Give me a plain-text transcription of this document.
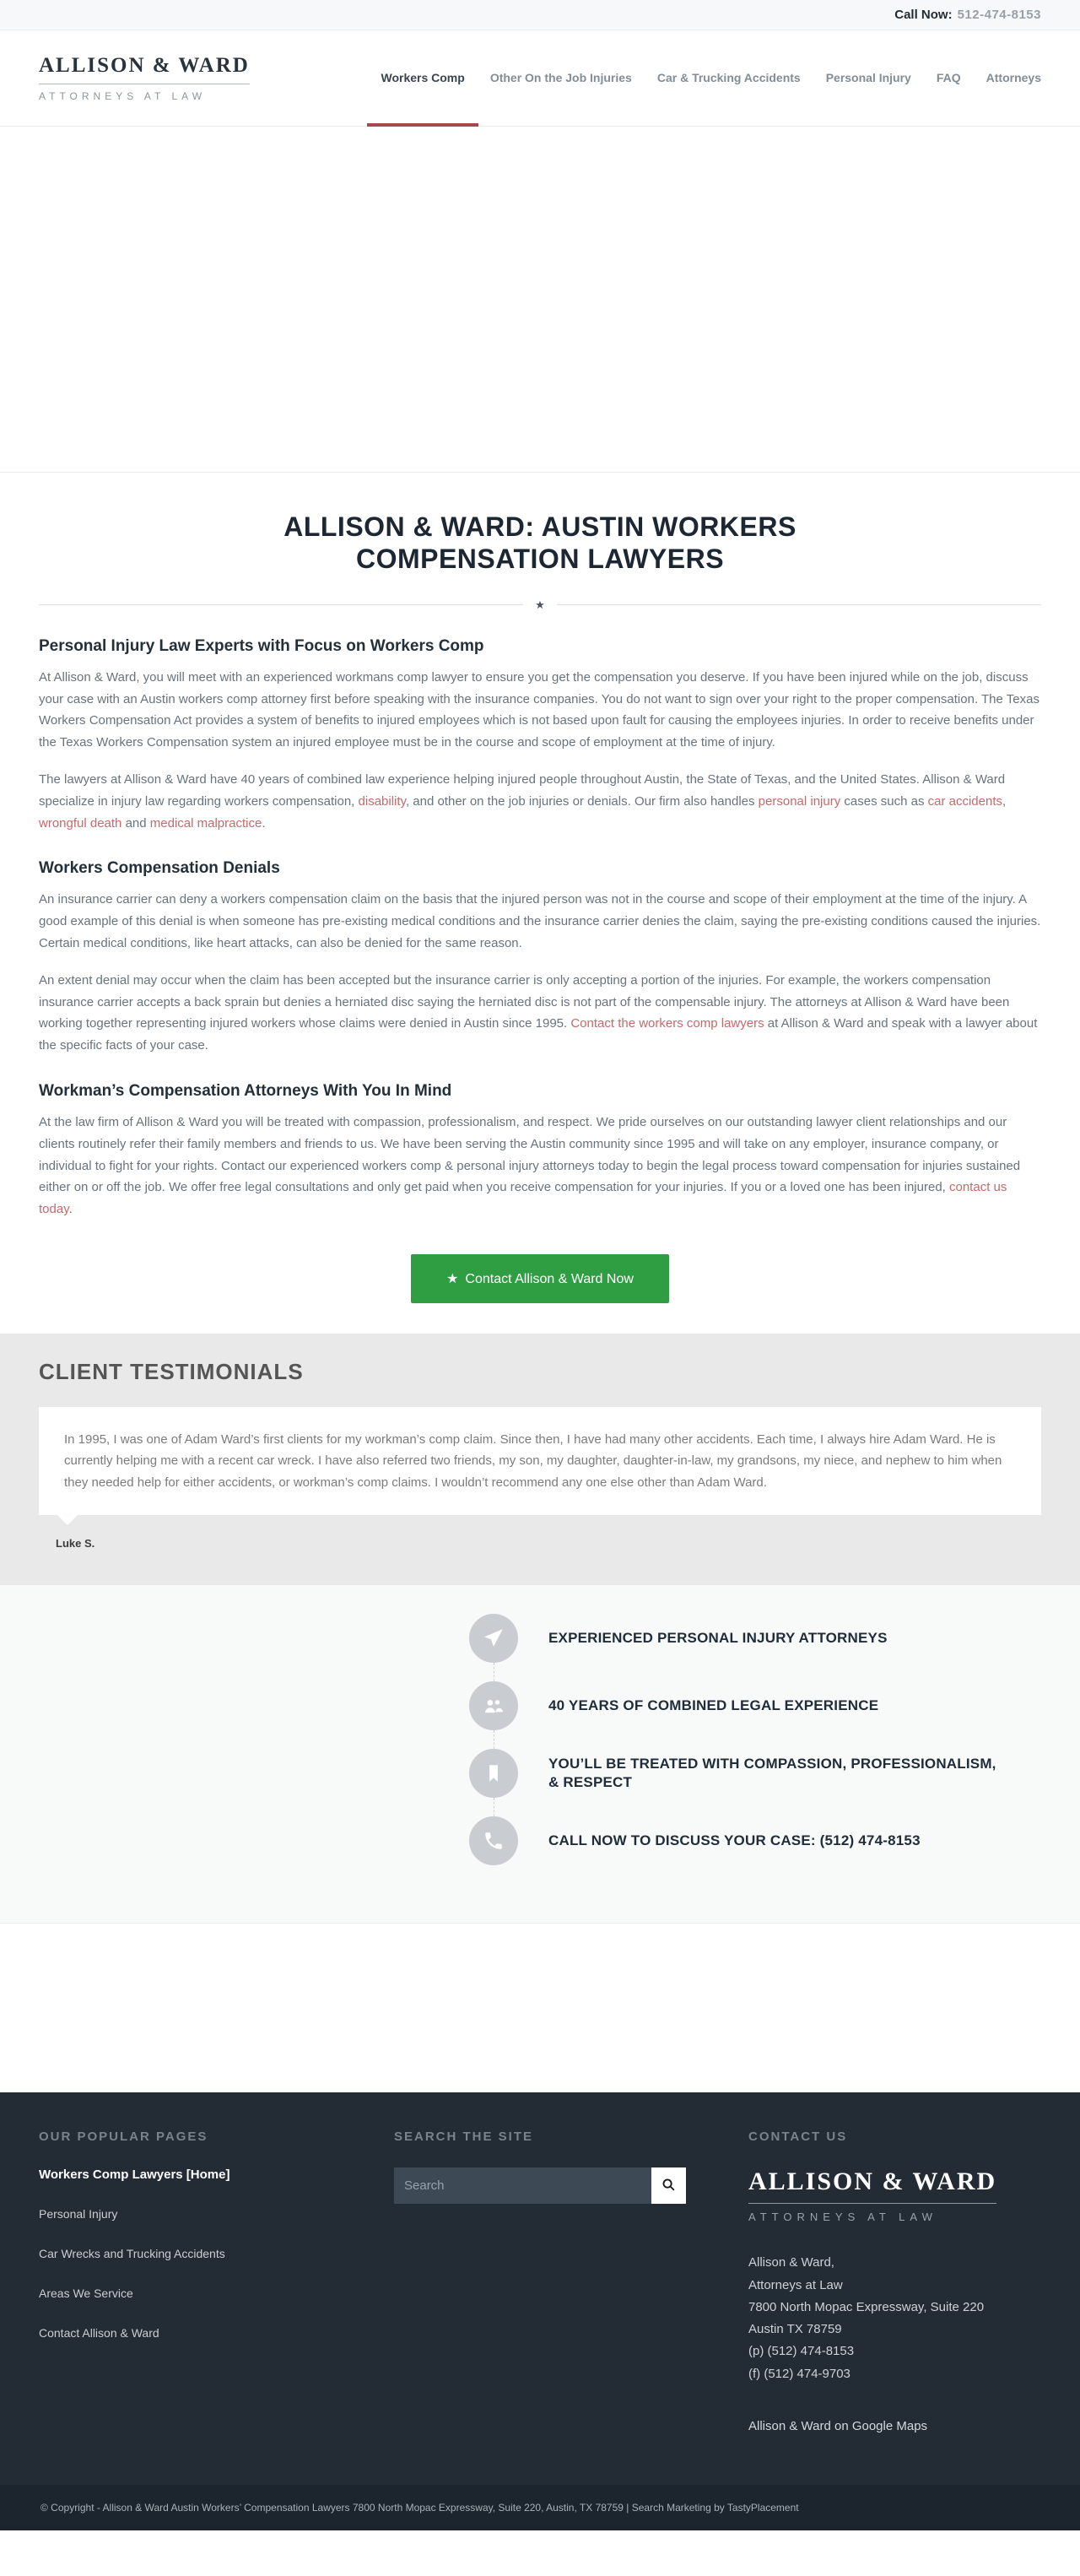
Call Now: 512-474-8153
ALLISON & WARD
ATTORNEYS AT LAW
Workers Comp Other On the Job Injuries Car & Trucking Accidents Personal Injury FAQ Attorneys
ALLISON & WARD: AUSTIN WORKERS COMPENSATION LAWYERS
★
Personal Injury Law Experts with Focus on Workers Comp

At Allison & Ward, you will meet with an experienced workmans comp lawyer to ensure you get the compensation you deserve. If you have been injured while on the job, discuss your case with an Austin workers comp attorney first before speaking with the insurance companies. You do not want to sign over your right to the proper compensation. The Texas Workers Compensation Act provides a system of benefits to injured employees which is not based upon fault for causing the employees injuries. In order to receive benefits under the Texas Workers Compensation system an injured employee must be in the course and scope of employment at the time of injury.

The lawyers at Allison & Ward have 40 years of combined law experience helping injured people throughout Austin, the State of Texas, and the United States. Allison & Ward specialize in injury law regarding workers compensation, disability, and other on the job injuries or denials. Our firm also handles personal injury cases such as car accidents, wrongful death and medical malpractice.

Workers Compensation Denials

An insurance carrier can deny a workers compensation claim on the basis that the injured person was not in the course and scope of their employment at the time of the injury. A good example of this denial is when someone has pre-existing medical conditions and the insurance carrier denies the claim, saying the pre-existing conditions caused the injuries. Certain medical conditions, like heart attacks, can also be denied for the same reason.

An extent denial may occur when the claim has been accepted but the insurance carrier is only accepting a portion of the injuries. For example, the workers compensation insurance carrier accepts a back sprain but denies a herniated disc saying the herniated disc is not part of the compensable injury. The attorneys at Allison & Ward have been working together representing injured workers whose claims were denied in Austin since 1995. Contact the workers comp lawyers at Allison & Ward and speak with a lawyer about the specific facts of your case.

Workman’s Compensation Attorneys With You In Mind

At the law firm of Allison & Ward you will be treated with compassion, professionalism, and respect. We pride ourselves on our outstanding lawyer client relationships and our clients routinely refer their family members and friends to us. We have been serving the Austin community since 1995 and will take on any employer, insurance company, or individual to fight for your rights. Contact our experienced workers comp & personal injury attorneys today to begin the legal process toward compensation for injuries sustained either on or off the job. We offer free legal consultations and only get paid when you receive compensation for your injuries. If you or a loved one has been injured, contact us today.

★ Contact Allison & Ward Now
CLIENT TESTIMONIALS
In 1995, I was one of Adam Ward’s first clients for my workman’s comp claim. Since then, I have had many other accidents. Each time, I always hire Adam Ward. He is currently helping me with a recent car wreck. I have also referred two friends, my son, my daughter, daughter-in-law, my grandsons, my niece, and nephew to him when they needed help for either accidents, or workman’s comp claims. I wouldn’t recommend any one else other than Adam Ward.
Luke S.
EXPERIENCED PERSONAL INJURY ATTORNEYS
40 YEARS OF COMBINED LEGAL EXPERIENCE
YOU’LL BE TREATED WITH COMPASSION, PROFESSIONALISM, & RESPECT
CALL NOW TO DISCUSS YOUR CASE: (512) 474-8153
OUR POPULAR PAGES
Workers Comp Lawyers [Home]
Personal Injury
Car Wrecks and Trucking Accidents
Areas We Service
Contact Allison & Ward
SEARCH THE SITE
Search	CONTACT US
ALLISON & WARD
ATTORNEYS AT LAW
Allison & Ward,
Attorneys at Law
7800 North Mopac Expressway, Suite 220
Austin TX 78759
(p) (512) 474-8153
(f) (512) 474-9703
Allison & Ward on Google Maps
© Copyright - Allison & Ward Austin Workers’ Compensation Lawyers 7800 North Mopac Expressway, Suite 220, Austin, TX 78759 | Search Marketing by TastyPlacement
